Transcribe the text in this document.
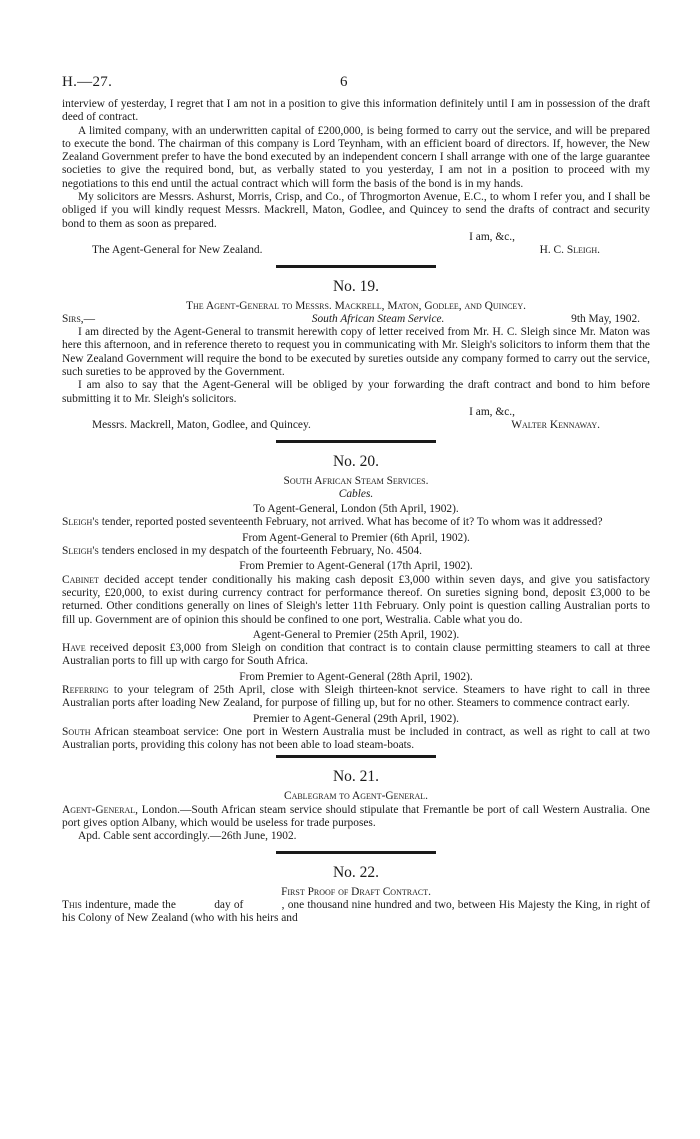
H.—27.	6

interview of yesterday, I regret that I am not in a position to give this information definitely until I am in possession of the draft deed of contract.

A limited company, with an underwritten capital of £200,000, is being formed to carry out the service, and will be prepared to execute the bond. The chairman of this company is Lord Teynham, with an efficient board of directors. If, however, the New Zealand Government prefer to have the bond executed by an independent concern I shall arrange with one of the large guarantee societies to give the required bond, but, as verbally stated to you yesterday, I am not in a position to proceed with my negotiations to this end until the actual contract which will form the basis of the bond is in my hands.

My solicitors are Messrs. Ashurst, Morris, Crisp, and Co., of Throgmorton Avenue, E.C., to whom I refer you, and I shall be obliged if you will kindly request Messrs. Mackrell, Maton, Godlee, and Quincey to send the drafts of contract and security bond to them as soon as prepared.

I am, &c.,
The Agent-General for New Zealand.	H. C. Sleigh.
No. 19.
The Agent-General to Messrs. Mackrell, Maton, Godlee, and Quincey.
Sirs,—	South African Steam Service.	9th May, 1902.

I am directed by the Agent-General to transmit herewith copy of letter received from Mr. H. C. Sleigh since Mr. Maton was here this afternoon, and in reference thereto to request you in communicating with Mr. Sleigh's solicitors to inform them that the New Zealand Government will require the bond to be executed by sureties outside any company formed to carry out the service, such sureties to be approved by the Government.

I am also to say that the Agent-General will be obliged by your forwarding the draft contract and bond to him before submitting it to Mr. Sleigh's solicitors.

I am, &c.,
Messrs. Mackrell, Maton, Godlee, and Quincey.	Walter Kennaway.
No. 20.
South African Steam Services.
Cables.
To Agent-General, London (5th April, 1902).

Sleigh's tender, reported posted seventeenth February, not arrived. What has become of it? To whom was it addressed?

From Agent-General to Premier (6th April, 1902).

Sleigh's tenders enclosed in my despatch of the fourteenth February, No. 4504.

From Premier to Agent-General (17th April, 1902).

Cabinet decided accept tender conditionally his making cash deposit £3,000 within seven days, and give you satisfactory security, £20,000, to exist during currency contract for performance thereof. On sureties signing bond, deposit £3,000 to be returned. Other conditions generally on lines of Sleigh's letter 11th February. Only point is question calling Australian ports to fill up. Government are of opinion this should be confined to one port, Westralia. Cable what you do.

Agent-General to Premier (25th April, 1902).

Have received deposit £3,000 from Sleigh on condition that contract is to contain clause permitting steamers to call at three Australian ports to fill up with cargo for South Africa.

From Premier to Agent-General (28th April, 1902).

Referring to your telegram of 25th April, close with Sleigh thirteen-knot service. Steamers to have right to call in three Australian ports after loading New Zealand, for purpose of filling up, but for no other. Steamers to commence contract early.

Premier to Agent-General (29th April, 1902).

South African steamboat service: One port in Western Australia must be included in contract, as well as right to call at two Australian ports, providing this colony has not been able to load steam-boats.

No. 21.
Cablegram to Agent-General.

Agent-General, London.—South African steam service should stipulate that Fremantle be port of call Western Australia. One port gives option Albany, which would be useless for trade purposes.

Apd. Cable sent accordingly.—26th June, 1902.

No. 22.
First Proof of Draft Contract.

This indenture, made the            day of            , one thousand nine hundred and two, between His Majesty the King, in right of his Colony of New Zealand (who with his heirs and
